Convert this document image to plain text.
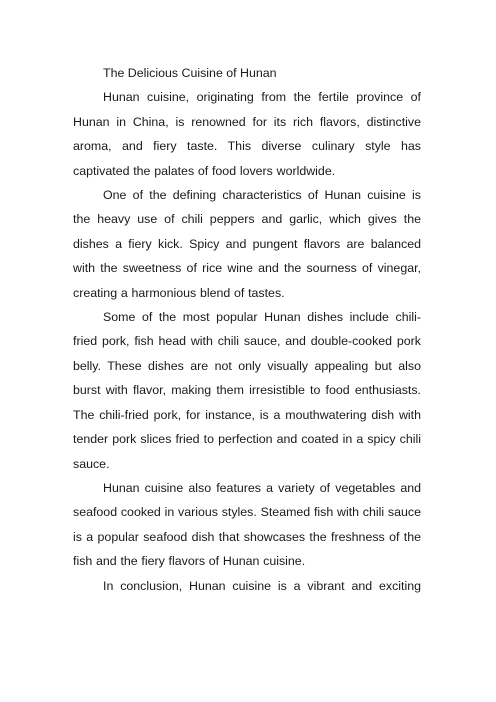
The Delicious Cuisine of Hunan

Hunan cuisine, originating from the fertile province of Hunan in China, is renowned for its rich flavors, distinctive aroma, and fiery taste. This diverse culinary style has captivated the palates of food lovers worldwide.

One of the defining characteristics of Hunan cuisine is the heavy use of chili peppers and garlic, which gives the dishes a fiery kick. Spicy and pungent flavors are balanced with the sweetness of rice wine and the sourness of vinegar, creating a harmonious blend of tastes.

Some of the most popular Hunan dishes include chili-fried pork, fish head with chili sauce, and double-cooked pork belly. These dishes are not only visually appealing but also burst with flavor, making them irresistible to food enthusiasts. The chili-fried pork, for instance, is a mouthwatering dish with tender pork slices fried to perfection and coated in a spicy chili sauce.

Hunan cuisine also features a variety of vegetables and seafood cooked in various styles. Steamed fish with chili sauce is a popular seafood dish that showcases the freshness of the fish and the fiery flavors of Hunan cuisine.

In conclusion, Hunan cuisine is a vibrant and exciting
